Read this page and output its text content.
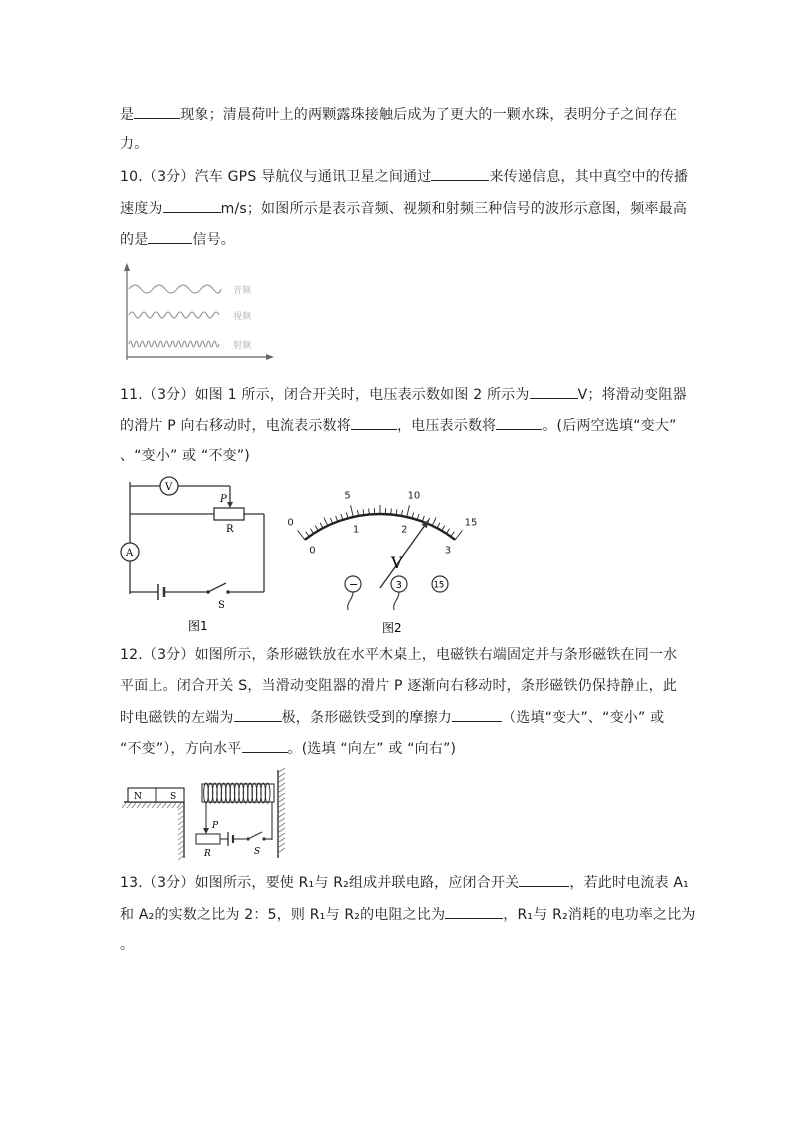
是	现象；清晨荷叶上的两颗露珠接触后成为了更大的一颗水珠，表明分子之间存在
力。
10.（3分）汽车 GPS 导航仪与通讯卫星之间通过	来传递信息，其中真空中的传播
速度为	m/s；如图所示是表示音频、视频和射频三种信号的波形示意图，频率最高
的是	信号。
音频
视频
射频
11.（3分）如图 1 所示，闭合开关时，电压表示数如图 2 所示为	V；将滑动变阻器
的滑片 P 向右移动时，电流表示数将	，电压表示数将	。(后两空选填“变大”
、“变小” 或 “不变”)
S
R
P
V
A
图1
0
5	10
15
0
1	2
3
V
−	3	15
图2
12.（3分）如图所示，条形磁铁放在水平木桌上，电磁铁右端固定并与条形磁铁在同一水
平面上。闭合开关 S，当滑动变阻器的滑片 P 逐渐向右移动时，条形磁铁仍保持静止，此
时电磁铁的左端为	极，条形磁铁受到的摩擦力	（选填“变大”、“变小” 或
“不变”），方向水平	。(选填 “向左” 或 “向右”)
N	S
P
R	S
13.（3分）如图所示，要使 R₁与 R₂组成并联电路，应闭合开关	，若此时电流表 A₁
和 A₂的实数之比为 2：5，则 R₁与 R₂的电阻之比为	，R₁与 R₂消耗的电功率之比为
。
